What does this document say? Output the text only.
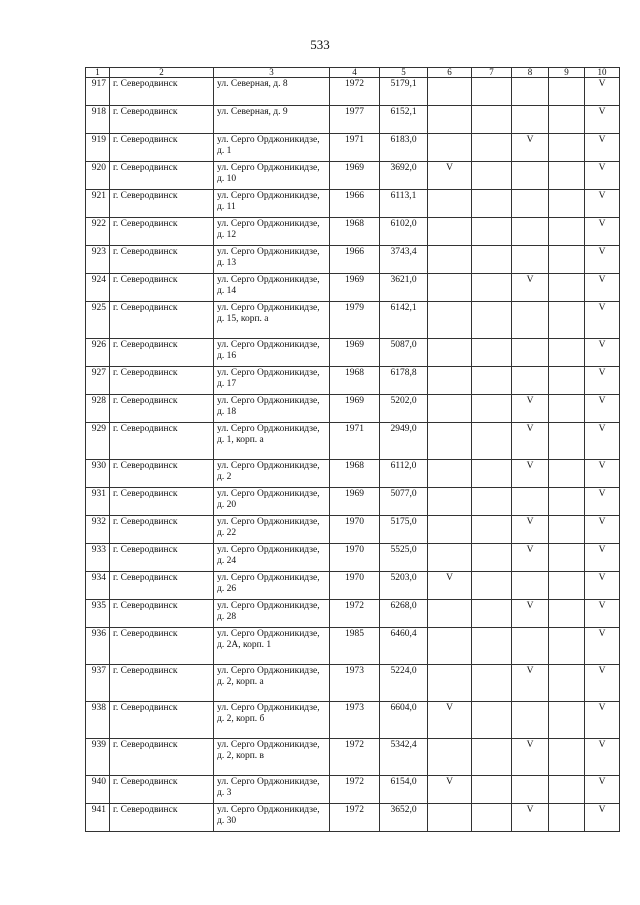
533
1	2	3	4	5	6	7	8	9	10
917	г. Северодвинск	ул. Северная, д. 8	1972	5179,1					V
918	г. Северодвинск	ул. Северная, д. 9	1977	6152,1					V
919	г. Северодвинск	ул. Серго Орджоникидзе, д. 1	1971	6183,0			V		V
920	г. Северодвинск	ул. Серго Орджоникидзе, д. 10	1969	3692,0	V				V
921	г. Северодвинск	ул. Серго Орджоникидзе, д. 11	1966	6113,1					V
922	г. Северодвинск	ул. Серго Орджоникидзе, д. 12	1968	6102,0					V
923	г. Северодвинск	ул. Серго Орджоникидзе, д. 13	1966	3743,4					V
924	г. Северодвинск	ул. Серго Орджоникидзе, д. 14	1969	3621,0			V		V
925	г. Северодвинск	ул. Серго Орджоникидзе, д. 15, корп. а	1979	6142,1					V
926	г. Северодвинск	ул. Серго Орджоникидзе, д. 16	1969	5087,0					V
927	г. Северодвинск	ул. Серго Орджоникидзе, д. 17	1968	6178,8					V
928	г. Северодвинск	ул. Серго Орджоникидзе, д. 18	1969	5202,0			V		V
929	г. Северодвинск	ул. Серго Орджоникидзе, д. 1, корп. а	1971	2949,0			V		V
930	г. Северодвинск	ул. Серго Орджоникидзе, д. 2	1968	6112,0			V		V
931	г. Северодвинск	ул. Серго Орджоникидзе, д. 20	1969	5077,0					V
932	г. Северодвинск	ул. Серго Орджоникидзе, д. 22	1970	5175,0			V		V
933	г. Северодвинск	ул. Серго Орджоникидзе, д. 24	1970	5525,0			V		V
934	г. Северодвинск	ул. Серго Орджоникидзе, д. 26	1970	5203,0	V				V
935	г. Северодвинск	ул. Серго Орджоникидзе, д. 28	1972	6268,0			V		V
936	г. Северодвинск	ул. Серго Орджоникидзе, д. 2А, корп. 1	1985	6460,4					V
937	г. Северодвинск	ул. Серго Орджоникидзе, д. 2, корп. а	1973	5224,0			V		V
938	г. Северодвинск	ул. Серго Орджоникидзе, д. 2, корп. б	1973	6604,0	V				V
939	г. Северодвинск	ул. Серго Орджоникидзе, д. 2, корп. в	1972	5342,4			V		V
940	г. Северодвинск	ул. Серго Орджоникидзе, д. 3	1972	6154,0	V				V
941	г. Северодвинск	ул. Серго Орджоникидзе, д. 30	1972	3652,0			V		V
